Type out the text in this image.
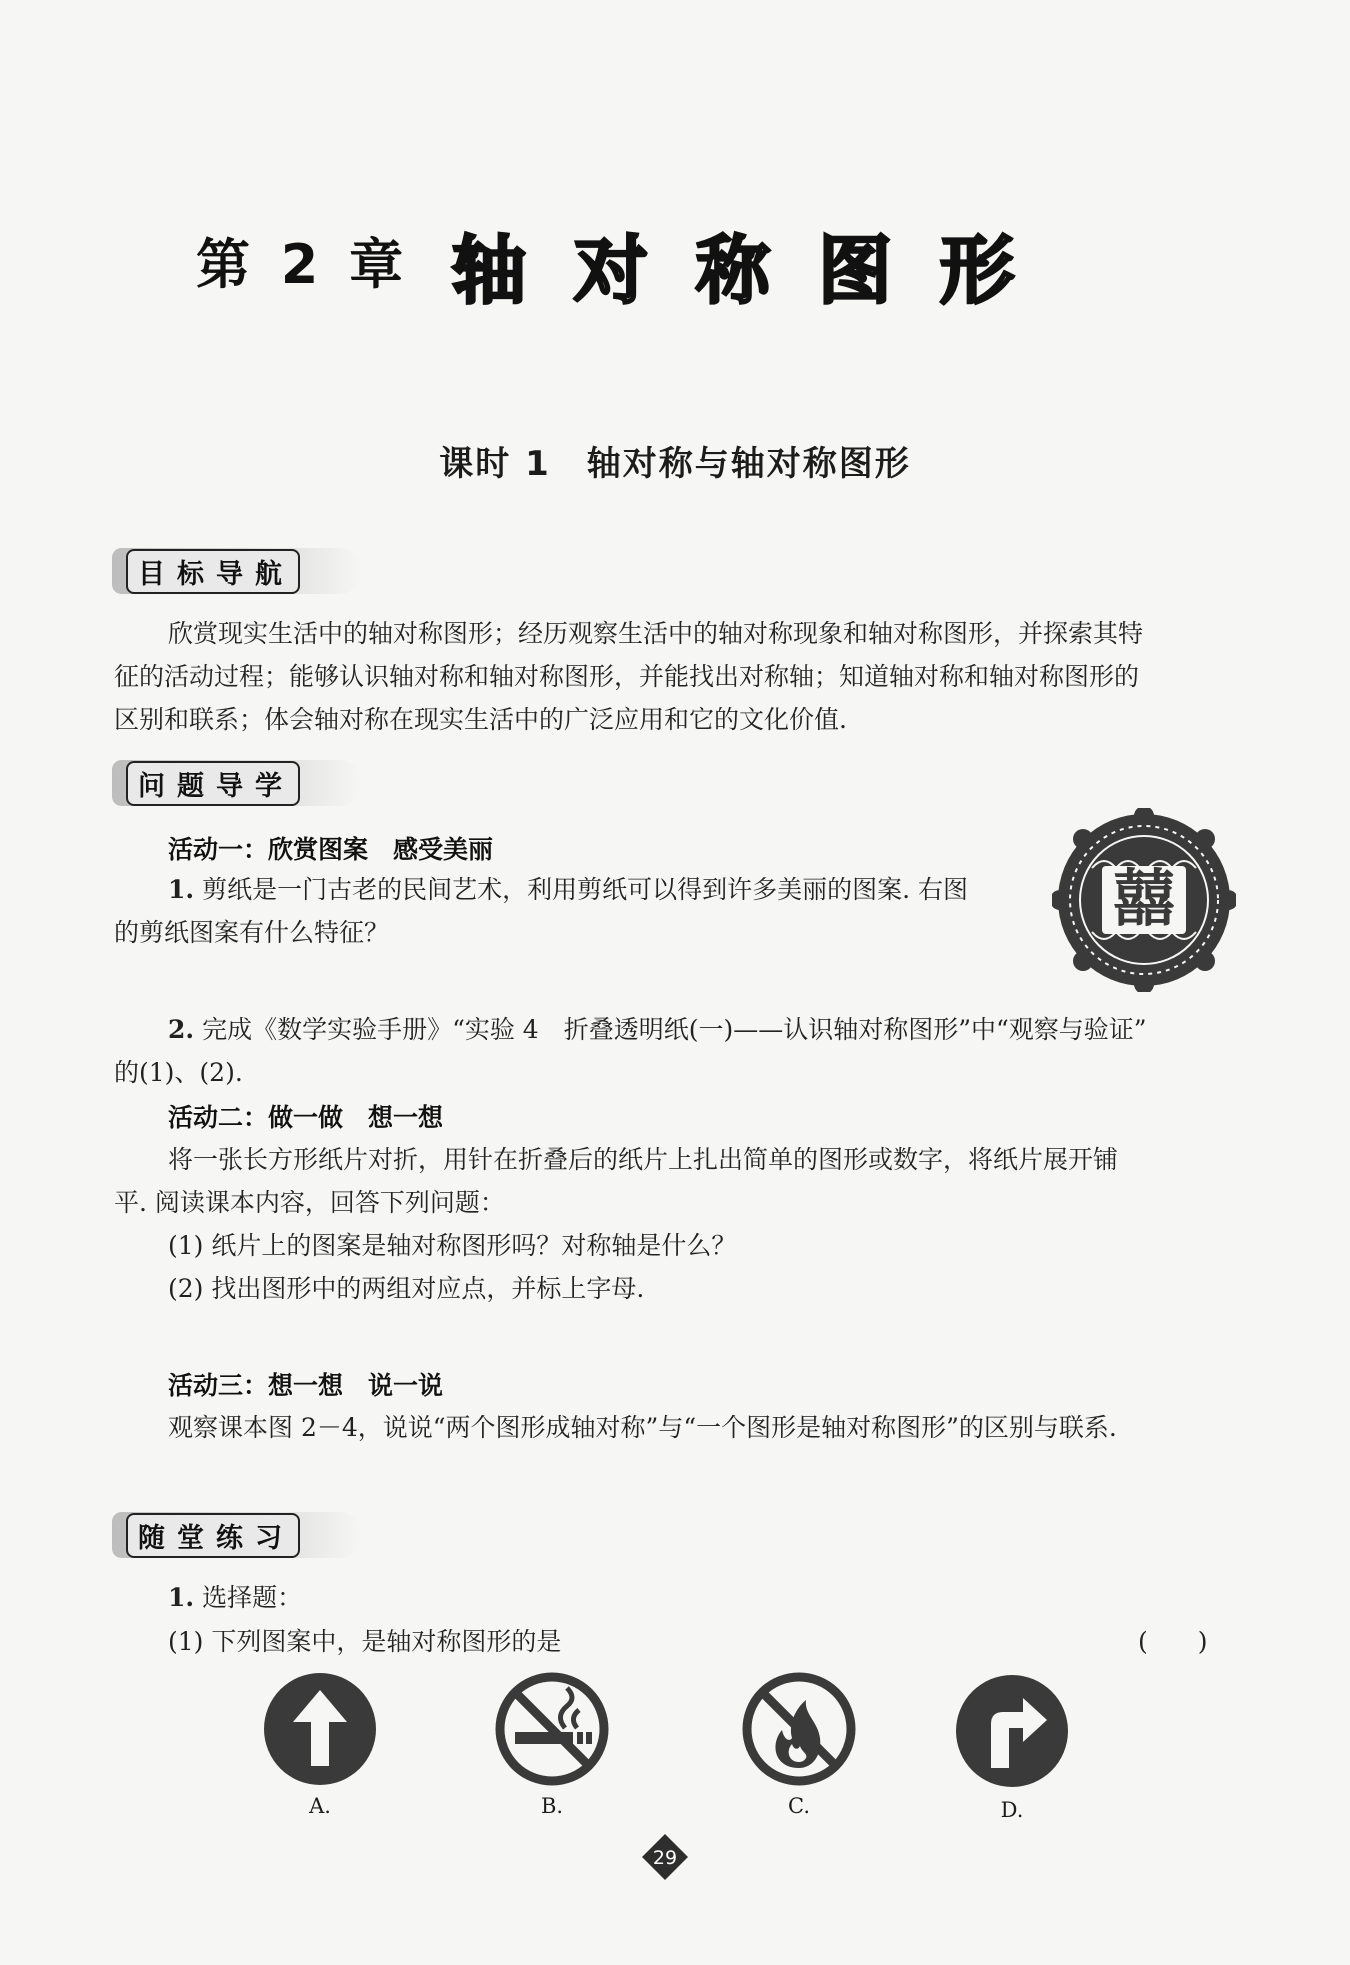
第 2 章 轴 对 称 图 形
课时 1　轴对称与轴对称图形
目标导航
欣赏现实生活中的轴对称图形；经历观察生活中的轴对称现象和轴对称图形，并探索其特
征的活动过程；能够认识轴对称和轴对称图形，并能找出对称轴；知道轴对称和轴对称图形的
区别和联系；体会轴对称在现实生活中的广泛应用和它的文化价值.
问题导学
活动一：欣赏图案　感受美丽
1. 剪纸是一门古老的民间艺术，利用剪纸可以得到许多美丽的图案. 右图
的剪纸图案有什么特征？	囍
2. 完成《数学实验手册》“实验 4　折叠透明纸(一)——认识轴对称图形”中“观察与验证”
的(1)、(2).
活动二：做一做　想一想
将一张长方形纸片对折，用针在折叠后的纸片上扎出简单的图形或数字，将纸片展开铺
平. 阅读课本内容，回答下列问题：
(1) 纸片上的图案是轴对称图形吗？对称轴是什么？
(2) 找出图形中的两组对应点，并标上字母.
活动三：想一想　说一说
观察课本图 2－4，说说“两个图形成轴对称”与“一个图形是轴对称图形”的区别与联系.
随堂练习
1. 选择题：
(1) 下列图案中，是轴对称图形的是	(　　)
A.	B.	C.	D.
29
